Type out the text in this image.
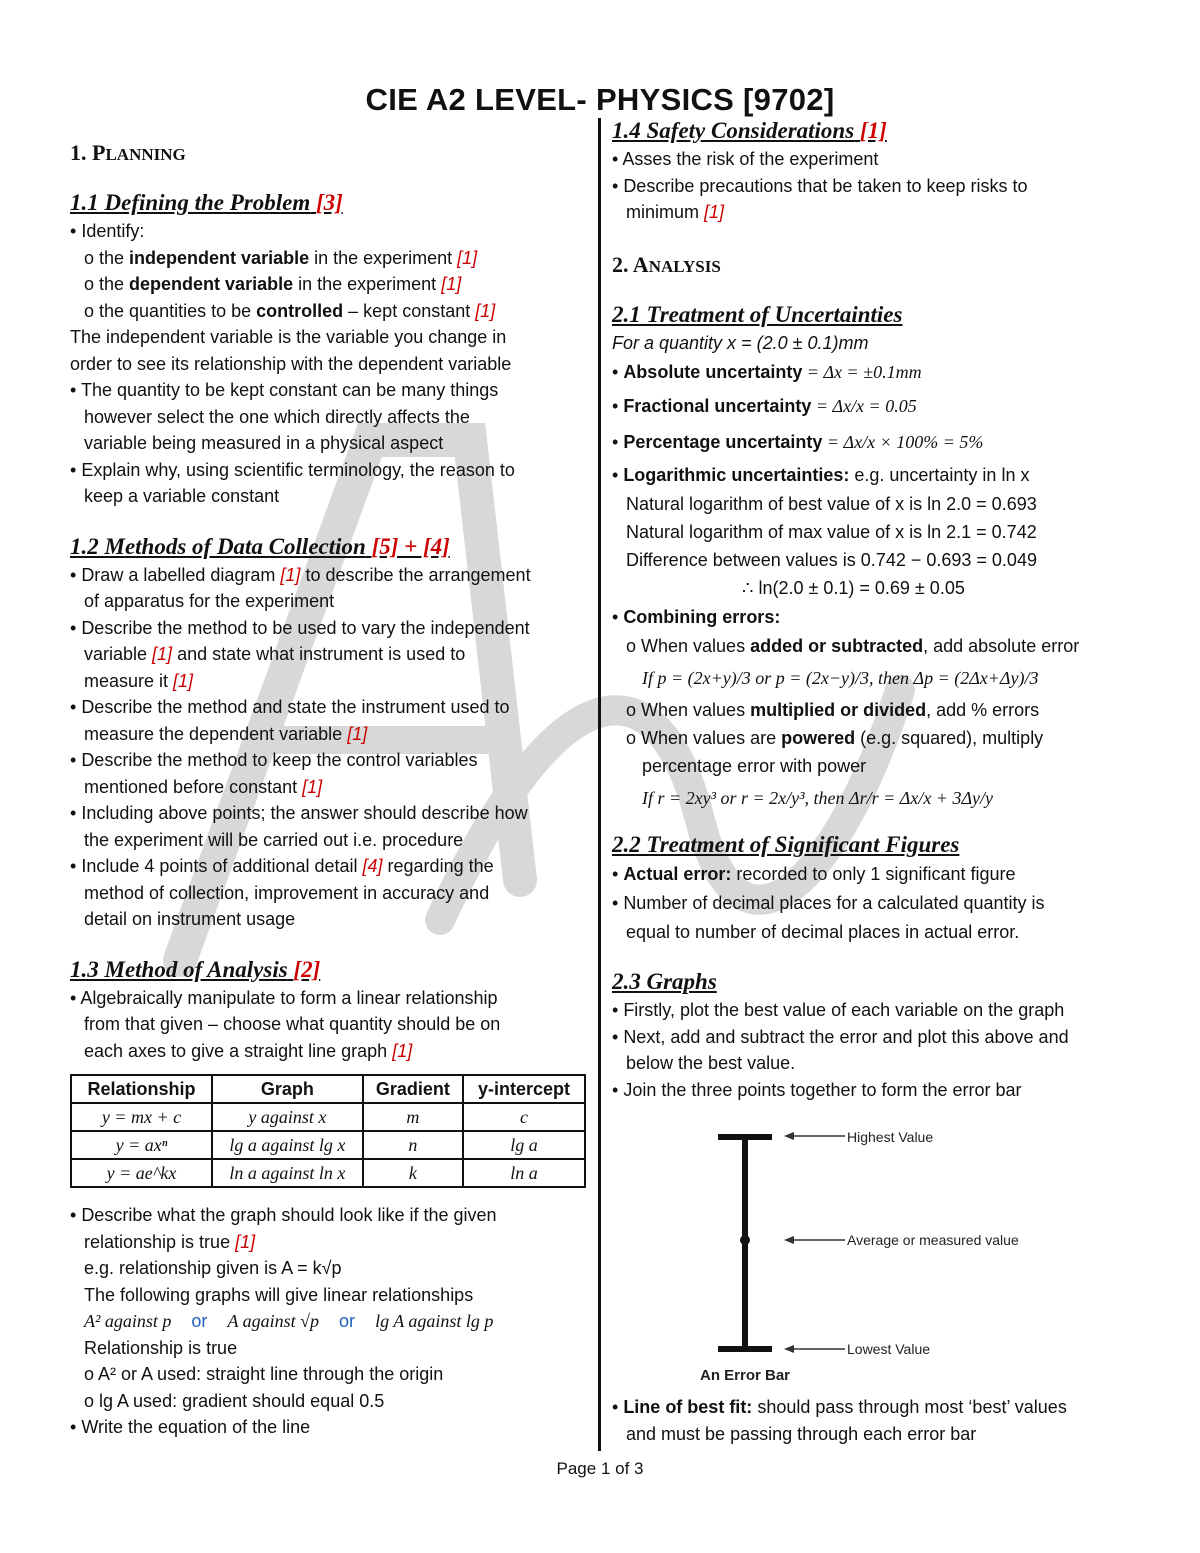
CIE A2 LEVEL- PHYSICS [9702]

1. PLANNING

1.1 Defining the Problem [3]

• Identify:

o the independent variable in the experiment [1]

o the dependent variable in the experiment [1]

o the quantities to be controlled – kept constant [1]

The independent variable is the variable you change in

order to see its relationship with the dependent variable

• The quantity to be kept constant can be many things

however select the one which directly affects the

variable being measured in a physical aspect

• Explain why, using scientific terminology, the reason to

keep a variable constant

1.2 Methods of Data Collection [5] + [4]

• Draw a labelled diagram [1] to describe the arrangement

of apparatus for the experiment

• Describe the method to be used to vary the independent

variable [1] and state what instrument is used to

measure it [1]

• Describe the method and state the instrument used to

measure the dependent variable [1]

• Describe the method to keep the control variables

mentioned before constant [1]

• Including above points; the answer should describe how

the experiment will be carried out i.e. procedure

• Include 4 points of additional detail [4] regarding the

method of collection, improvement in accuracy and

detail on instrument usage

1.3 Method of Analysis [2]

• Algebraically manipulate to form a linear relationship

from that given – choose what quantity should be on

each axes to give a straight line graph [1]

Relationship	Graph	Gradient	y-intercept
y = mx + c	y against x	m	c
y = axⁿ	lg a against lg x	n	lg a
y = ae^kx	ln a against ln x	k	ln a

• Describe what the graph should look like if the given

relationship is true [1]

e.g. relationship given is A = k√p

The following graphs will give linear relationships

A² against p or A against √p or lg A against lg p

Relationship is true

o A² or A used: straight line through the origin

o lg A used: gradient should equal 0.5

• Write the equation of the line

1.4 Safety Considerations [1]

• Asses the risk of the experiment

• Describe precautions that be taken to keep risks to

minimum [1]

2. ANALYSIS

2.1 Treatment of Uncertainties

For a quantity x = (2.0 ± 0.1)mm

• Absolute uncertainty = Δx = ±0.1mm

• Fractional uncertainty = Δx/x = 0.05

• Percentage uncertainty = Δx/x × 100% = 5%

• Logarithmic uncertainties: e.g. uncertainty in ln x

Natural logarithm of best value of x is ln 2.0 = 0.693

Natural logarithm of max value of x is ln 2.1 = 0.742

Difference between values is 0.742 − 0.693 = 0.049

∴ ln(2.0 ± 0.1) = 0.69 ± 0.05

• Combining errors:

o When values added or subtracted, add absolute error

If p = (2x+y)/3 or p = (2x−y)/3, then Δp = (2Δx+Δy)/3

o When values multiplied or divided, add % errors

o When values are powered (e.g. squared), multiply

percentage error with power

If r = 2xy³ or r = 2x/y³, then Δr/r = Δx/x + 3Δy/y

2.2 Treatment of Significant Figures

• Actual error: recorded to only 1 significant figure

• Number of decimal places for a calculated quantity is

equal to number of decimal places in actual error.

2.3 Graphs

• Firstly, plot the best value of each variable on the graph

• Next, add and subtract the error and plot this above and

below the best value.

• Join the three points together to form the error bar

Highest Value
Average or measured value
Lowest Value
An Error Bar

• Line of best fit: should pass through most ‘best’ values

and must be passing through each error bar

Page 1 of 3
